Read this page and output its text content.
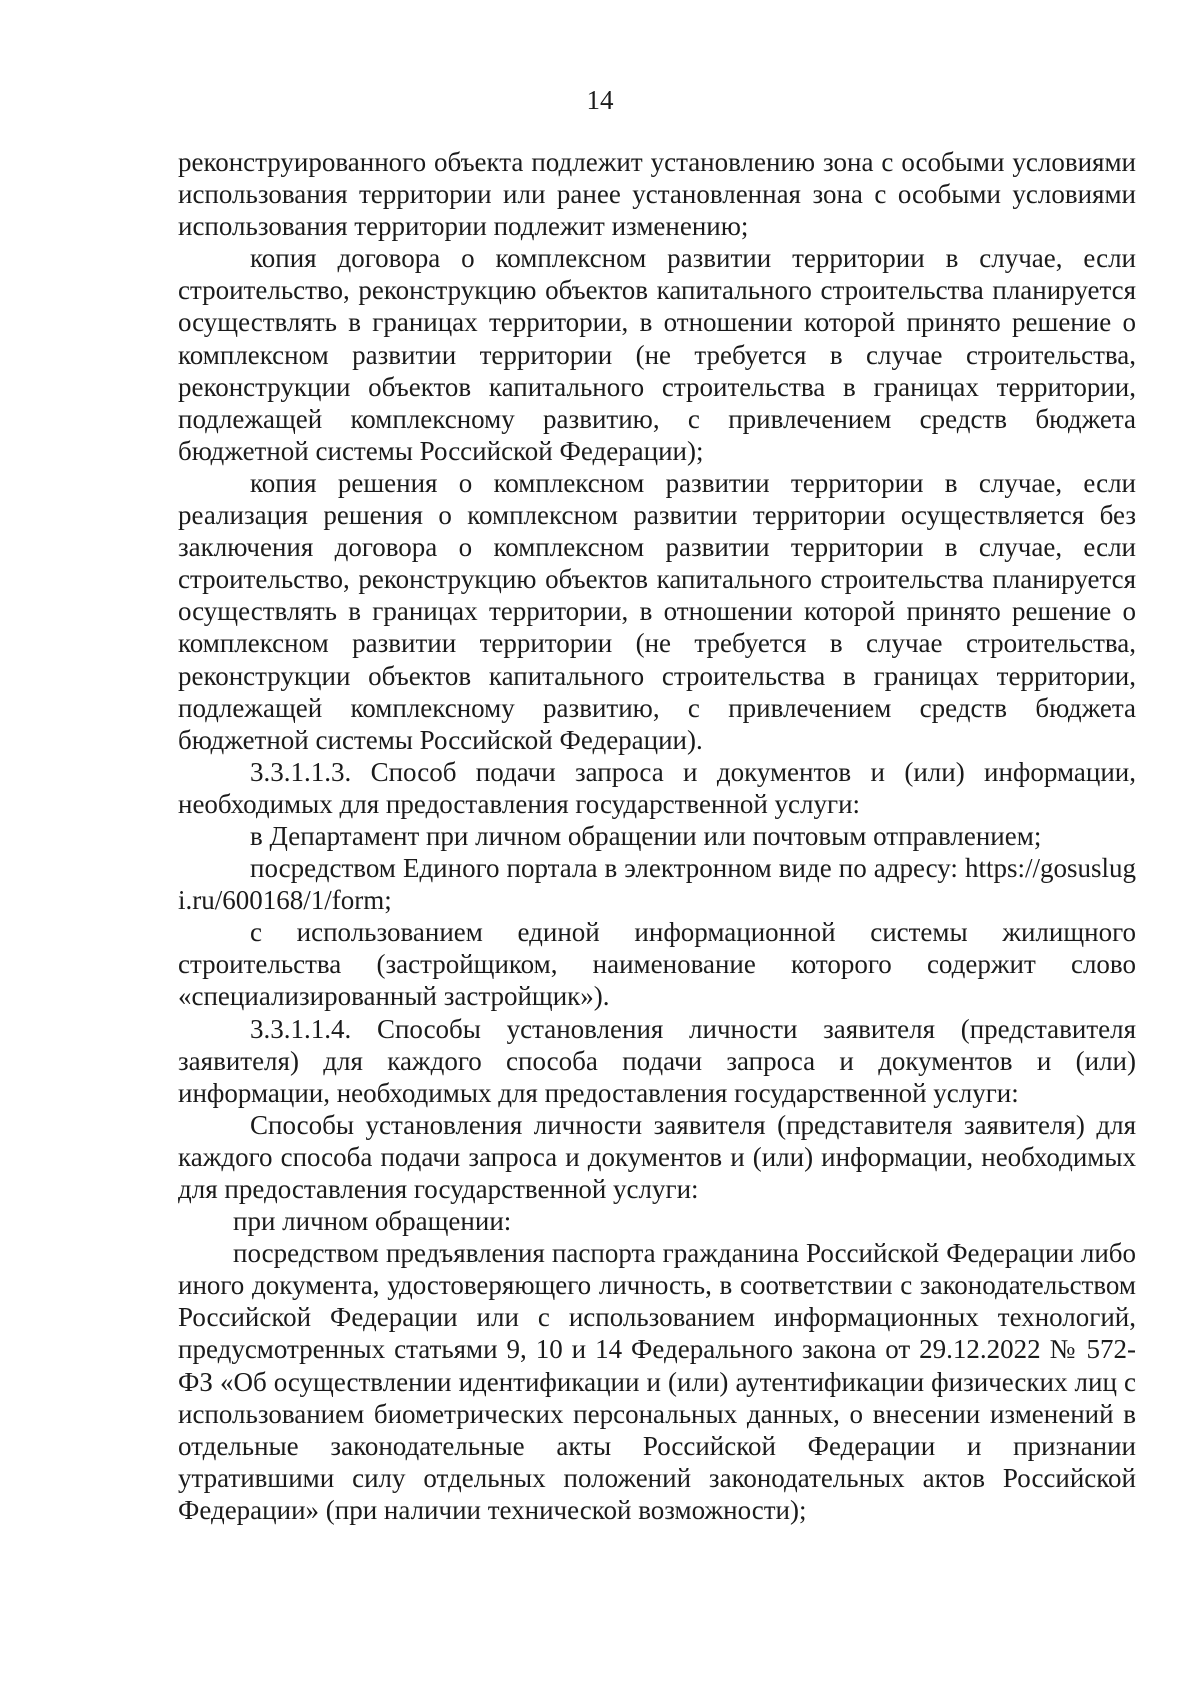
14

реконструированного объекта подлежит установлению зона с особыми условиями использования территории или ранее установленная зона с особыми условиями использования территории подлежит изменению;

копия договора о комплексном развитии территории в случае, если строительство, реконструкцию объектов капитального строительства планируется осуществлять в границах территории, в отношении которой принято решение о комплексном развитии территории (не требуется в случае строительства, реконструкции объектов капитального строительства в границах территории, подлежащей комплексному развитию, с привлечением средств бюджета бюджетной системы Российской Федерации);

копия решения о комплексном развитии территории в случае, если реализация решения о комплексном развитии территории осуществляется без заключения договора о комплексном развитии территории в случае, если строительство, реконструкцию объектов капитального строительства планируется осуществлять в границах территории, в отношении которой принято решение о комплексном развитии территории (не требуется в случае строительства, реконструкции объектов капитального строительства в границах территории, подлежащей комплексному развитию, с привлечением средств бюджета бюджетной системы Российской Федерации).

3.3.1.1.3. Способ подачи запроса и документов и (или) информации, необходимых для предоставления государственной услуги:

в Департамент при личном обращении или почтовым отправлением;

посредством Единого портала в электронном виде по адресу: https://gosuslugi.ru/600168/1/form;

с использованием единой информационной системы жилищного строительства (застройщиком, наименование которого содержит слово «специализированный застройщик»).

3.3.1.1.4. Способы установления личности заявителя (представителя заявителя) для каждого способа подачи запроса и документов и (или) информации, необходимых для предоставления государственной услуги:

Способы установления личности заявителя (представителя заявителя) для каждого способа подачи запроса и документов и (или) информации, необходимых для предоставления государственной услуги:

при личном обращении:

посредством предъявления паспорта гражданина Российской Федерации либо иного документа, удостоверяющего личность, в соответствии с законодательством Российской Федерации или с использованием информационных технологий, предусмотренных статьями 9, 10 и 14 Федерального закона от 29.12.2022 № 572-ФЗ «Об осуществлении идентификации и (или) аутентификации физических лиц с использованием биометрических персональных данных, о внесении изменений в отдельные законодательные акты Российской Федерации и признании утратившими силу отдельных положений законодательных актов Российской Федерации» (при наличии технической возможности);
